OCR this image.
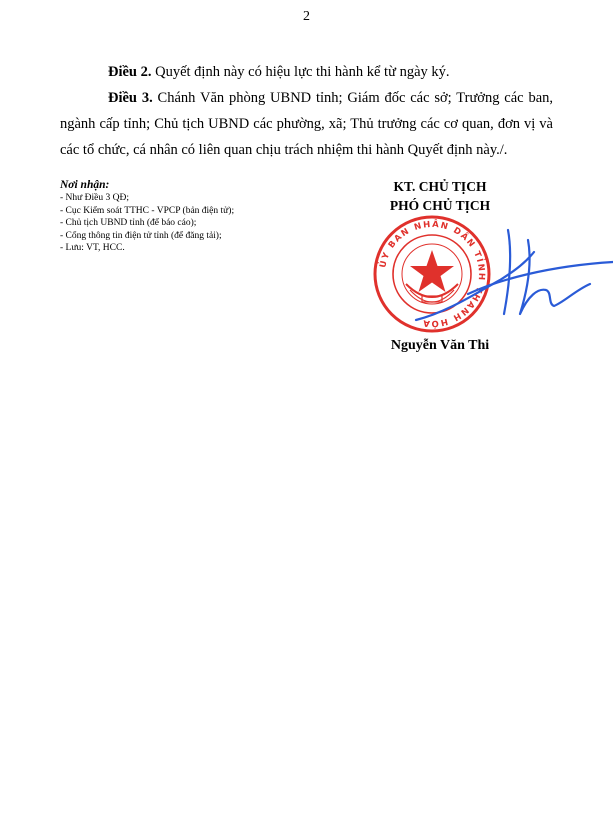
2

Điều 2. Quyết định này có hiệu lực thi hành kể từ ngày ký.

Điều 3. Chánh Văn phòng UBND tỉnh; Giám đốc các sở; Trưởng các ban, ngành cấp tỉnh; Chủ tịch UBND các phường, xã; Thủ trưởng các cơ quan, đơn vị và các tổ chức, cá nhân có liên quan chịu trách nhiệm thi hành Quyết định này./.

Nơi nhận:
- Như Điều 3 QĐ;
- Cục Kiểm soát TTHC - VPCP (bản điện tử);
- Chủ tịch UBND tỉnh (để báo cáo);
- Cổng thông tin điện tử tỉnh (để đăng tải);
- Lưu: VT, HCC.
KT. CHỦ TỊCH
PHÓ CHỦ TỊCH
ỦY BAN NHÂN DÂN TỈNH THANH HÓA
Nguyễn Văn Thi
